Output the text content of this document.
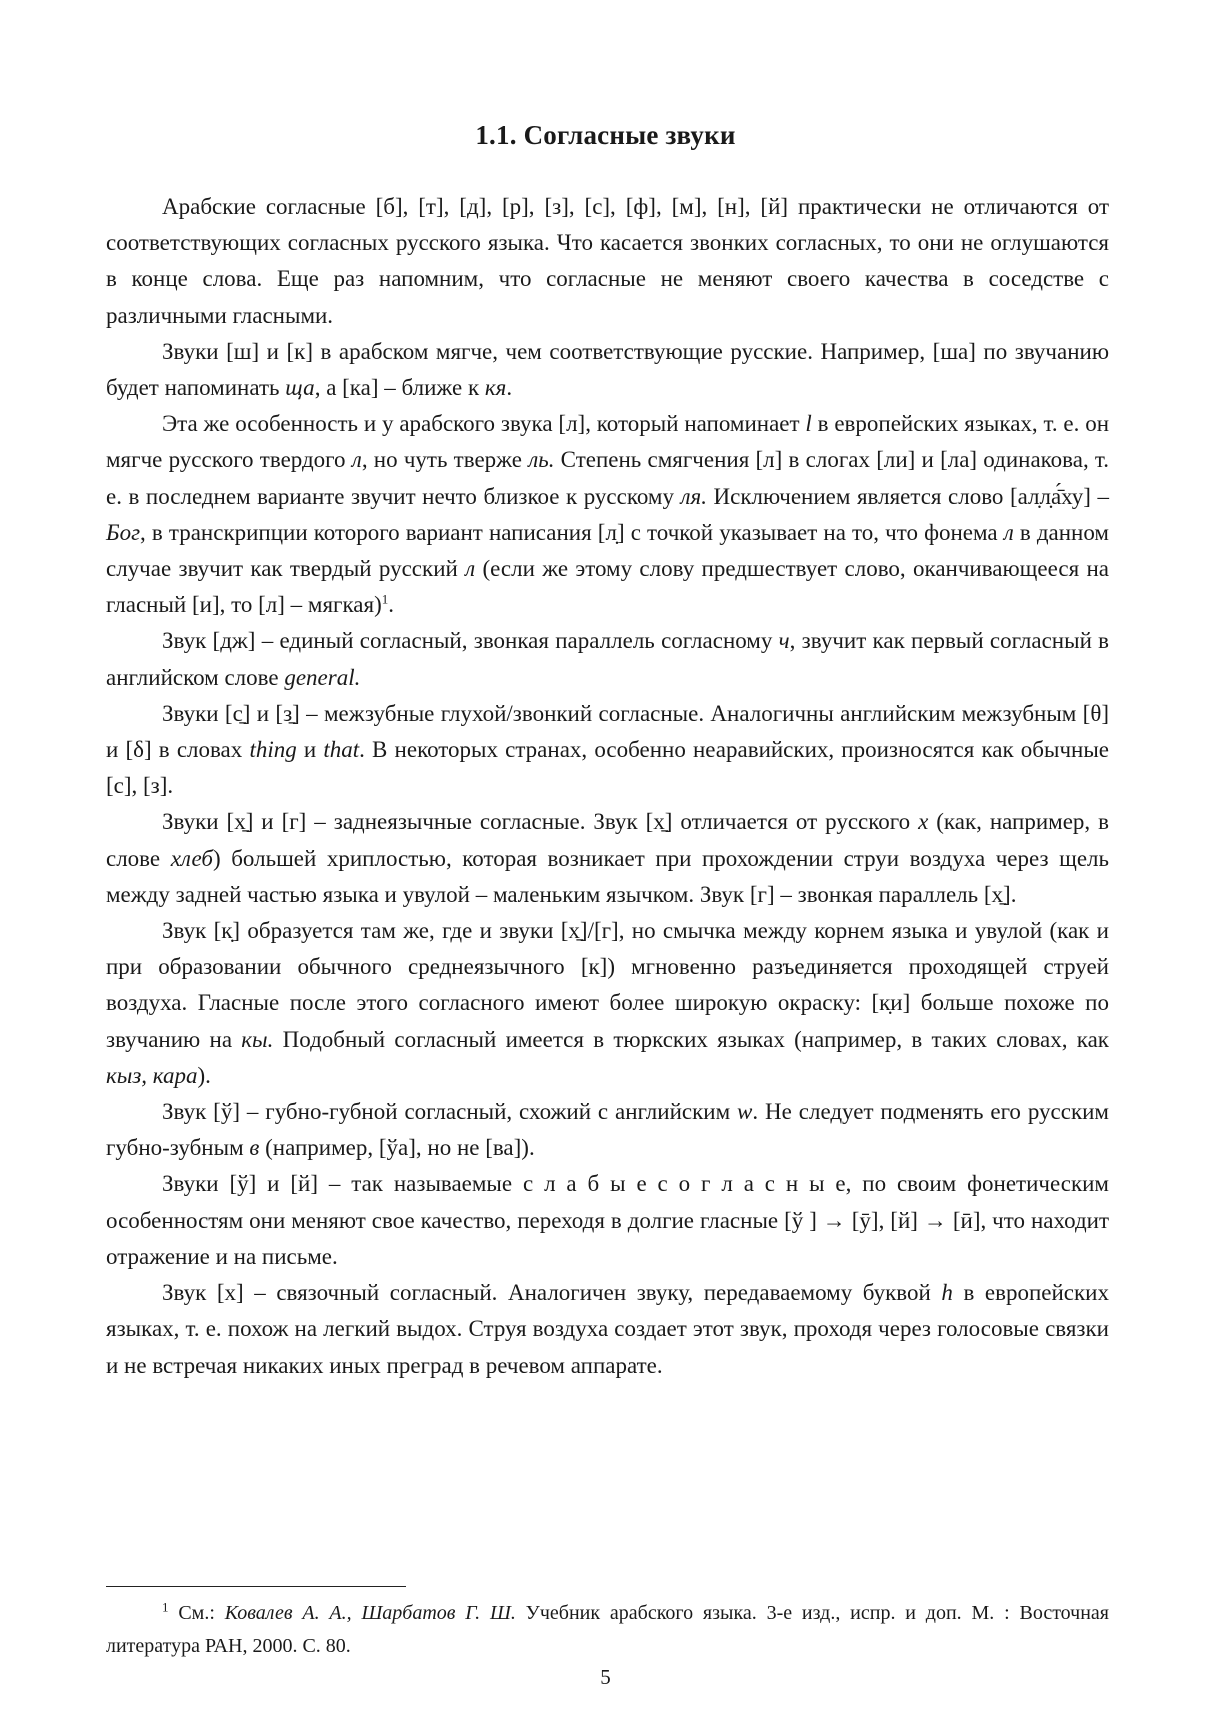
1.1. Согласные звуки

Арабские согласные [б], [т], [д], [р], [з], [с], [ф], [м], [н], [й] практически не отличаются от соответствующих согласных русского языка. Что касается звонких согласных, то они не оглушаются в конце слова. Еще раз напомним, что согласные не меняют своего качества в соседстве с различными гласными.

Звуки [ш] и [к] в арабском мягче, чем соответствующие русские. Например, [ша] по звучанию будет напоминать ща, а [ка] – ближе к кя.

Эта же особенность и у арабского звука [л], который напоминает l в европейских языках, т. е. он мягче русского твердого л, но чуть тверже ль. Степень смягчения [л] в слогах [ли] и [ла] одинакова, т. е. в последнем варианте звучит нечто близкое к русскому ля. Исключением является слово [ал̣л̣а̄́ху] – Бог, в транскрипции которого вариант написания [л̣] с точкой указывает на то, что фонема л в данном случае звучит как твердый русский л (если же этому слову предшествует слово, оканчивающееся на гласный [и], то [л] – мягкая)$^1$.

Звук [дж] – единый согласный, звонкая параллель согласному ч, звучит как первый согласный в английском слове general.

Звуки [с̱] и [з̱] – межзубные глухой/звонкий согласные. Аналогичны английским межзубным [θ] и [δ] в словах thing и that. В некоторых странах, особенно неаравийских, произносятся как обычные [с], [з].

Звуки [х̱] и [г] – заднеязычные согласные. Звук [х̱] отличается от русского х (как, например, в слове хлеб) большей хриплостью, которая возникает при прохождении струи воздуха через щель между задней частью языка и увулой – маленьким язычком. Звук [г] – звонкая параллель [х̱].

Звук [к̣] образуется там же, где и звуки [х̱]/[г], но смычка между корнем языка и увулой (как и при образовании обычного среднеязычного [к]) мгновенно разъединяется проходящей струей воздуха. Гласные после этого согласного имеют более широкую окраску: [к̣и] больше похоже по звучанию на кы. Подобный согласный имеется в тюркских языках (например, в таких словах, как кыз, кара).

Звук [ў] – губно-губной согласный, схожий с английским w. Не следует подменять его русским губно-зубным в (например, [ўа], но не [ва]).

Звуки [ў] и [й] – так называемые с л а б ы е с о г л а с н ы е, по своим фонетическим особенностям они меняют свое качество, переходя в долгие гласные [ў ] → [ӯ], [й] → [ӣ], что находит отражение и на письме.

Звук [х] – связочный согласный. Аналогичен звуку, передаваемому буквой h в европейских языках, т. е. похож на легкий выдох. Струя воздуха создает этот звук, проходя через голосовые связки и не встречая никаких иных преград в речевом аппарате.

$^1$ См.: Ковалев А. А., Шарбатов Г. Ш. Учебник арабского языка. 3-е изд., испр. и доп. М. : Восточная литература РАН, 2000. С. 80.

5
